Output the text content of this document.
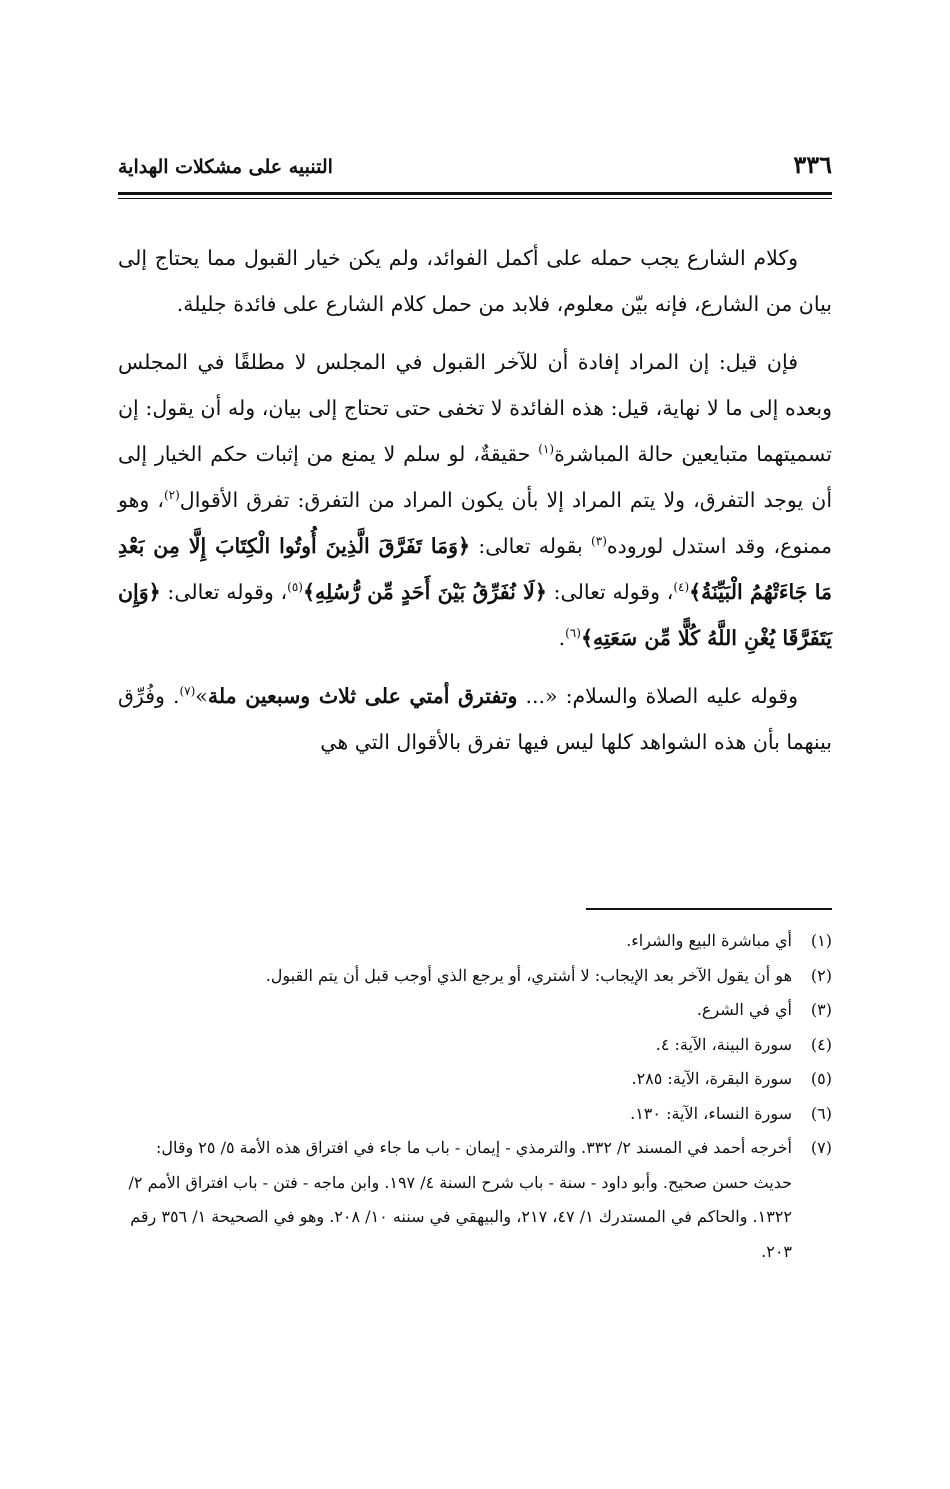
٣٣٦
التنبيه على مشكلات الهداية

وكلام الشارع يجب حمله على أكمل الفوائد، ولم يكن خيار القبول مما يحتاج إلى بيان من الشارع، فإنه بيّن معلوم، فلابد من حمل كلام الشارع على فائدة جليلة.

فإن قيل: إن المراد إفادة أن للآخر القبول في المجلس لا مطلقًا في المجلس وبعده إلى ما لا نهاية، قيل: هذه الفائدة لا تخفى حتى تحتاج إلى بيان، وله أن يقول: إن تسميتهما متبايعين حالة المباشرة$^{(١)}$ حقيقةٌ، لو سلم لا يمنع من إثبات حكم الخيار إلى أن يوجد التفرق، ولا يتم المراد إلا بأن يكون المراد من التفرق: تفرق الأقوال$^{(٢)}$، وهو ممنوع، وقد استدل لوروده$^{(٣)}$ بقوله تعالى: ﴿وَمَا تَفَرَّقَ الَّذِينَ أُوتُوا الْكِتَابَ إِلَّا مِن بَعْدِ مَا جَاءَتْهُمُ الْبَيِّنَةُ﴾$^{(٤)}$، وقوله تعالى: ﴿لَا نُفَرِّقُ بَيْنَ أَحَدٍ مِّن رُّسُلِهِ﴾$^{(٥)}$، وقوله تعالى: ﴿وَإِن يَتَفَرَّقَا يُغْنِ اللَّهُ كُلًّا مِّن سَعَتِهِ﴾$^{(٦)}$.

وقوله عليه الصلاة والسلام: «... وتفترق أمتي على ثلاث وسبعين ملة»$^{(٧)}$. وفُرِّق بينهما بأن هذه الشواهد كلها ليس فيها تفرق بالأقوال التي هي

(١)
أي مباشرة البيع والشراء.
(٢)
هو أن يقول الآخر بعد الإيجاب: لا أشتري، أو يرجع الذي أوجب قبل أن يتم القبول.
(٣)
أي في الشرع.
(٤)
سورة البينة، الآية: ٤.
(٥)
سورة البقرة، الآية: ٢٨٥.
(٦)
سورة النساء، الآية: ١٣٠.
(٧)
أخرجه أحمد في المسند ٢/ ٣٣٢. والترمذي - إيمان - باب ما جاء في افتراق هذه الأمة ٥/ ٢٥ وقال: حديث حسن صحيح. وأبو داود - سنة - باب شرح السنة ٤/ ١٩٧. وابن ماجه - فتن - باب افتراق الأمم ٢/ ١٣٢٢. والحاكم في المستدرك ١/ ٤٧، ٢١٧، والبيهقي في سننه ١٠/ ٢٠٨. وهو في الصحيحة ١/ ٣٥٦ رقم ٢٠٣.
